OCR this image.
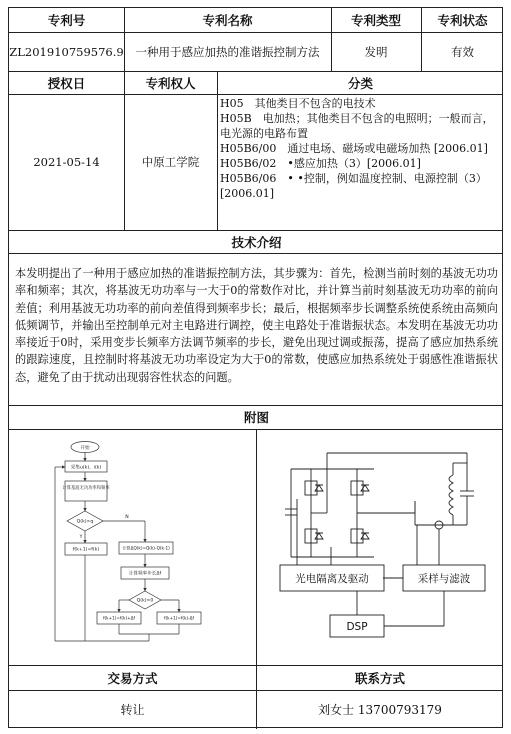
专利号	专利名称	专利类型	专利状态
ZL201910759576.9	一种用于感应加热的准谐振控制方法	发明	有效
授权日	专利权人	分类
2021-05-14	中原工学院
H05　其他类目不包含的电技术
H05B　电加热；其他类目不包含的电照明；一般而言，电光源的电路布置
H05B6/00　通过电场、磁场或电磁场加热 [2006.01]
H05B6/02　•感应加热（3）[2006.01]
H05B6/06　• •控制，例如温度控制、电源控制（3）[2006.01]
技术介绍
本发明提出了一种用于感应加热的准谐振控制方法，其步骤为：首先，检测当前时刻的基波无功功率和频率；其次，将基波无功功率与一大于0的常数作对比，并计算当前时刻基波无功功率的前向差值；利用基波无功功率的前向差值得到频率步长；最后，根据频率步长调整系统使系统由高频向低频调节，并输出至控制单元对主电路进行调控，使主电路处于准谐振状态。本发明在基波无功功率接近于0时，采用变步长频率方法调节频率的步长，避免出现过调或振荡，提高了感应加热系统的跟踪速度，且控制时将基波无功功率设定为大于0的常数，使感应加热系统处于弱感性准谐振状态，避免了由于扰动出现弱容性状态的问题。
附图
开始
采集u(k)、i(k)
计算基波无功功率和频率
Q(k)>q
Y
N
f(k+1)=f(k)	计算ΔQ(k)=Q(k)-Q(k-1)
计算频率步长Δf
Q(k)>0
f(k+1)=f(k)+Δf	f(k+1)=f(k)-Δf
光电隔离及驱动	采样与滤波
DSP
交易方式	联系方式
转让	刘女士 13700793179
